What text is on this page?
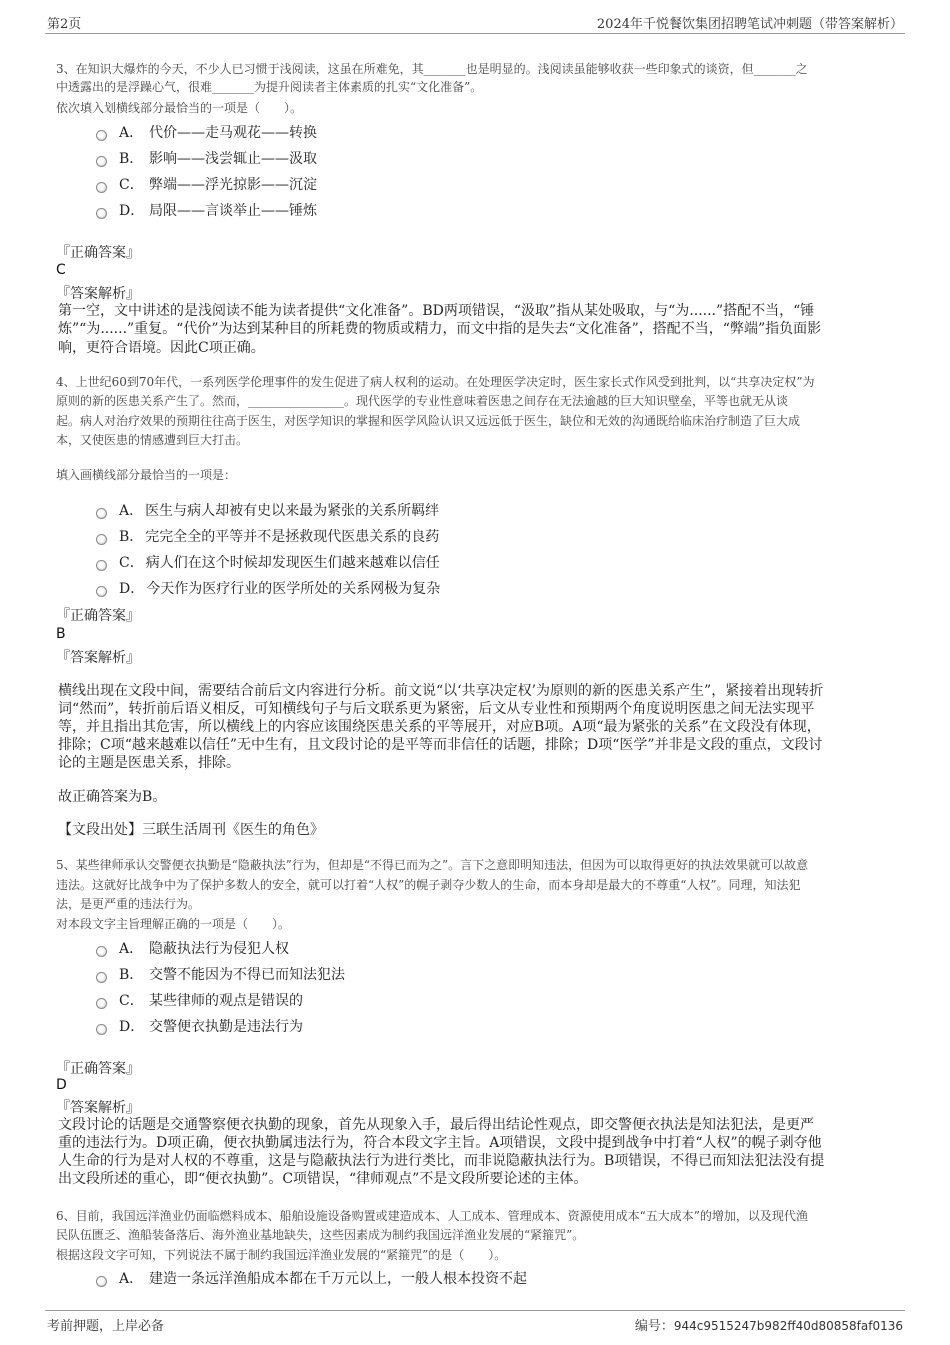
第2页	2024年千悦餐饮集团招聘笔试冲刺题（带答案解析）
3、在知识大爆炸的今天，不少人已习惯于浅阅读，这虽在所难免，其_______也是明显的。浅阅读虽能够收获一些印象式的谈资，但_______之
中透露出的是浮躁心气，很难_______为提升阅读者主体素质的扎实“文化准备”。
依次填入划横线部分最恰当的一项是（　　）。
A． 代价——走马观花——转换
B． 影响——浅尝辄止——汲取
C． 弊端——浮光掠影——沉淀
D． 局限——言谈举止——锤炼
『正确答案』
C
『答案解析』
第一空，文中讲述的是浅阅读不能为读者提供“文化准备”。BD两项错误，“汲取”指从某处吸取，与“为......”搭配不当，“锤
炼”“为......”重复。“代价”为达到某种目的所耗费的物质或精力，而文中指的是失去“文化准备”，搭配不当，“弊端”指负面影
响，更符合语境。因此C项正确。
4、上世纪60到70年代，一系列医学伦理事件的发生促进了病人权利的运动。在处理医学决定时，医生家长式作风受到批判，以“共享决定权”为
原则的新的医患关系产生了。然而，________________。现代医学的专业性意味着医患之间存在无法逾越的巨大知识壁垒，平等也就无从谈
起。病人对治疗效果的预期往往高于医生，对医学知识的掌握和医学风险认识又远远低于医生，缺位和无效的沟通既给临床治疗制造了巨大成
本，又使医患的情感遭到巨大打击。
填入画横线部分最恰当的一项是：
A． 医生与病人却被有史以来最为紧张的关系所羁绊
B． 完完全全的平等并不是拯救现代医患关系的良药
C． 病人们在这个时候却发现医生们越来越难以信任
D． 今天作为医疗行业的医学所处的关系网极为复杂
『正确答案』
B
『答案解析』
横线出现在文段中间，需要结合前后文内容进行分析。前文说“以‘共享决定权’为原则的新的医患关系产生”，紧接着出现转折
词“然而”，转折前后语义相反，可知横线句子与后文联系更为紧密，后文从专业性和预期两个角度说明医患之间无法实现平
等，并且指出其危害，所以横线上的内容应该围绕医患关系的平等展开，对应B项。A项“最为紧张的关系”在文段没有体现，
排除；C项“越来越难以信任”无中生有，且文段讨论的是平等而非信任的话题，排除；D项“医学”并非是文段的重点，文段讨
论的主题是医患关系，排除。
故正确答案为B。
【文段出处】三联生活周刊《医生的角色》
5、某些律师承认交警便衣执勤是“隐蔽执法”行为，但却是“不得已而为之”。言下之意即明知违法，但因为可以取得更好的执法效果就可以故意
违法。这就好比战争中为了保护多数人的安全，就可以打着“人权”的幌子剥夺少数人的生命，而本身却是最大的不尊重“人权”。同理，知法犯
法，是更严重的违法行为。
对本段文字主旨理解正确的一项是（　　）。
A． 隐蔽执法行为侵犯人权
B． 交警不能因为不得已而知法犯法
C． 某些律师的观点是错误的
D． 交警便衣执勤是违法行为
『正确答案』
D
『答案解析』
文段讨论的话题是交通警察便衣执勤的现象，首先从现象入手，最后得出结论性观点，即交警便衣执法是知法犯法，是更严
重的违法行为。D项正确，便衣执勤属违法行为，符合本段文字主旨。A项错误，文段中提到战争中打着“人权”的幌子剥夺他
人生命的行为是对人权的不尊重，这是与隐蔽执法行为进行类比，而非说隐蔽执法行为。B项错误，不得已而知法犯法没有提
出文段所述的重心，即“便衣执勤”。C项错误，“律师观点”不是文段所要论述的主体。
6、目前，我国远洋渔业仍面临燃料成本、船舶设施设备购置或建造成本、人工成本、管理成本、资源使用成本“五大成本”的增加，以及现代渔
民队伍匮乏、渔船装备落后、海外渔业基地缺失，这些因素成为制约我国远洋渔业发展的“紧箍咒”。
根据这段文字可知，下列说法不属于制约我国远洋渔业发展的“紧箍咒”的是（　　）。
A． 建造一条远洋渔船成本都在千万元以上，一般人根本投资不起
考前押题，上岸必备	编号：944c9515247b982ff40d80858faf0136
